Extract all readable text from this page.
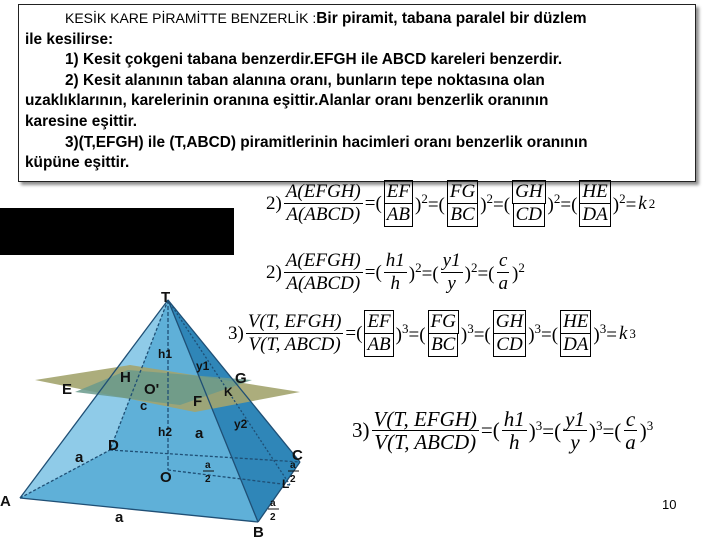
KESİK KARE PİRAMİTTE BENZERLİK :Bir piramit, tabana paralel bir düzlem

ile kesilirse:

1) Kesit çokgeni tabana benzerdir.EFGH ile ABCD kareleri benzerdir.

2) Kesit alanının taban alanına oranı, bunların tepe noktasına olan

uzaklıklarının, karelerinin oranına eşittir.Alanlar oranı benzerlik oranının

karesine eşittir.

3)(T,EFGH) ile (T,ABCD) piramitlerinin hacimleri oranı benzerlik oranının

küpüne eşittir.

$2) \frac{\text{A(EFGH)}}{\text{A(ABCD)}}$ =( $\frac{EF}{AB} )^2=( \frac{FG}{BC} )^2=( \frac{GH}{CD} )^2=( \frac{HE}{DA} )^2= k$ 2
$2) \frac{\text{A(EFGH)}}{\text{A(ABCD)}}$ =( $\frac{h1}{h} )^2=( \frac{y1}{y} )^2=( \frac{c}{a} )^2$
$3) \frac{\text{V(T, EFGH)}}{\text{V(T, ABCD)}}$ =( $\frac{EF}{AB} )^3=( \frac{FG}{BC} )^3=( \frac{GH}{CD} )^3=( \frac{HE}{DA} )^3= k$ 3
$3) \frac{\text{V(T, EFGH)}}{\text{V(T, ABCD)}}$ =( $\frac{h1}{h} )^3=( \frac{y1}{y} )^3=( \frac{c}{a} )^3$
T
h1
y1
H	G
E	O'	K
c	F
h2 a
y2
D
C
a
O	L
A
a
B
a
2
a
2
a
2
10
